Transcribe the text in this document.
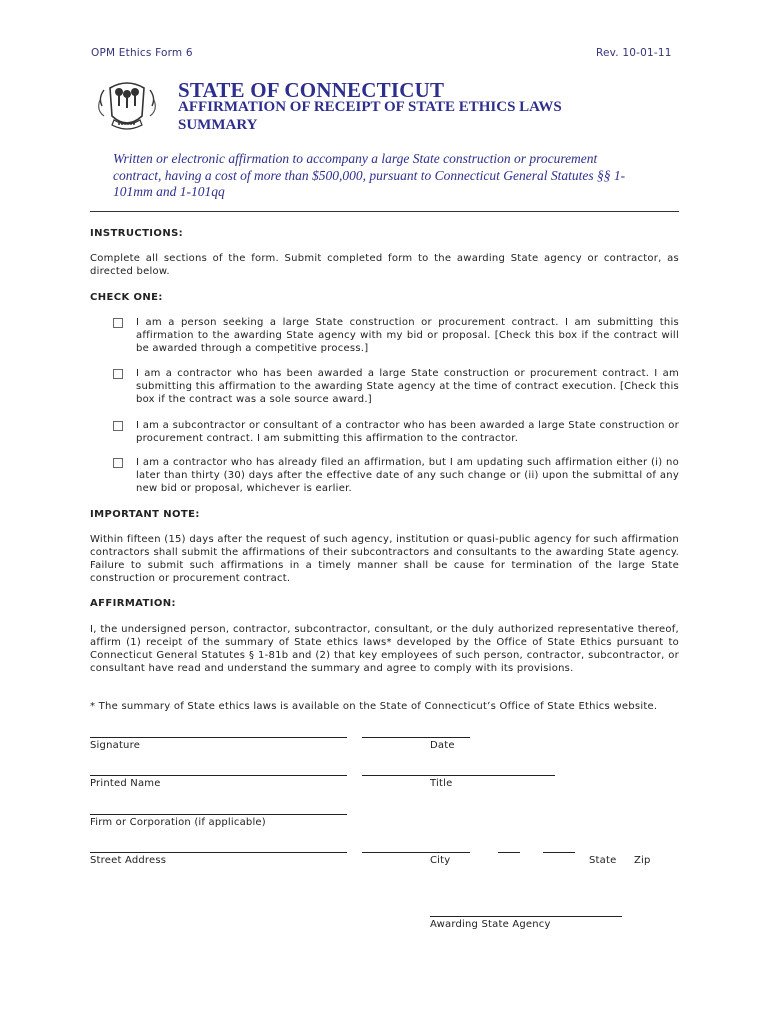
OPM Ethics Form 6	Rev. 10-01-11
STATE OF CONNECTICUT
AFFIRMATION OF RECEIPT OF STATE ETHICS LAWS SUMMARY
Written or electronic affirmation to accompany a large State construction or procurement contract, having a cost of more than $500,000, pursuant to Connecticut General Statutes §§ 1-101mm and 1-101qq
INSTRUCTIONS:
Complete all sections of the form. Submit completed form to the awarding State agency or contractor, as directed below.
CHECK ONE:
I am a person seeking a large State construction or procurement contract. I am submitting this affirmation to the awarding State agency with my bid or proposal. [Check this box if the contract will be awarded through a competitive process.]
I am a contractor who has been awarded a large State construction or procurement contract. I am submitting this affirmation to the awarding State agency at the time of contract execution. [Check this box if the contract was a sole source award.]
I am a subcontractor or consultant of a contractor who has been awarded a large State construction or procurement contract. I am submitting this affirmation to the contractor.
I am a contractor who has already filed an affirmation, but I am updating such affirmation either (i) no later than thirty (30) days after the effective date of any such change or (ii) upon the submittal of any new bid or proposal, whichever is earlier.
IMPORTANT NOTE:
Within fifteen (15) days after the request of such agency, institution or quasi-public agency for such affirmation contractors shall submit the affirmations of their subcontractors and consultants to the awarding State agency. Failure to submit such affirmations in a timely manner shall be cause for termination of the large State construction or procurement contract.
AFFIRMATION:
I, the undersigned person, contractor, subcontractor, consultant, or the duly authorized representative thereof, affirm (1) receipt of the summary of State ethics laws* developed by the Office of State Ethics pursuant to Connecticut General Statutes § 1-81b and (2) that key employees of such person, contractor, subcontractor, or consultant have read and understand the summary and agree to comply with its provisions.
* The summary of State ethics laws is available on the State of Connecticut’s Office of State Ethics website.
Signature	Date
Printed Name	Title
Firm or Corporation (if applicable)
Street Address	City	State Zip
Awarding State Agency
